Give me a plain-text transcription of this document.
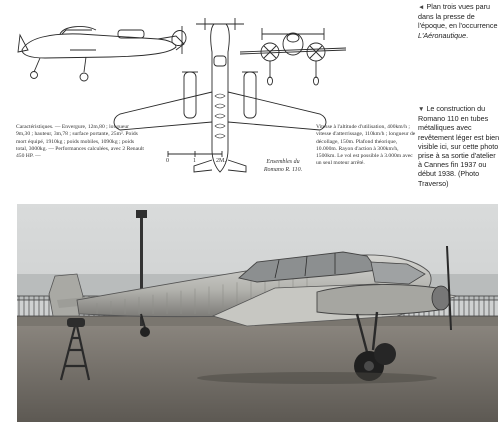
0	1	2M.
Caractéristiques. — Envergure, 12m,80 ; longueur 9m,30 ; hauteur, 3m,78 ; surface portante, 25m². Poids mort équipé, 1910kg ; poids mobiles, 1090kg ; poids total, 3000kg. — Performances calculées, avec 2 Renault 450 HP. —
Ensembles du
Romano R. 110.
Vitesse à l'altitude d'utilisation, 400km/h ; vitesse d'atterrissage, 110km/h ; longueur de décollage, 150m. Plafond théorique, 10.000m. Rayon d'action à 300km/h, 1500km. Le vol est possible à 3.000m avec un seul moteur arrêté.
◄ Plan trois vues paru dans la presse de l'époque, en l'occurrence L'Aéronautique.
▼ Le construction du Romano 110 en tubes métalliques avec revêtement léger est bien visible ici, sur cette photo prise à sa sortie d'atelier à Cannes fin 1937 ou début 1938. (Photo Traverso)
